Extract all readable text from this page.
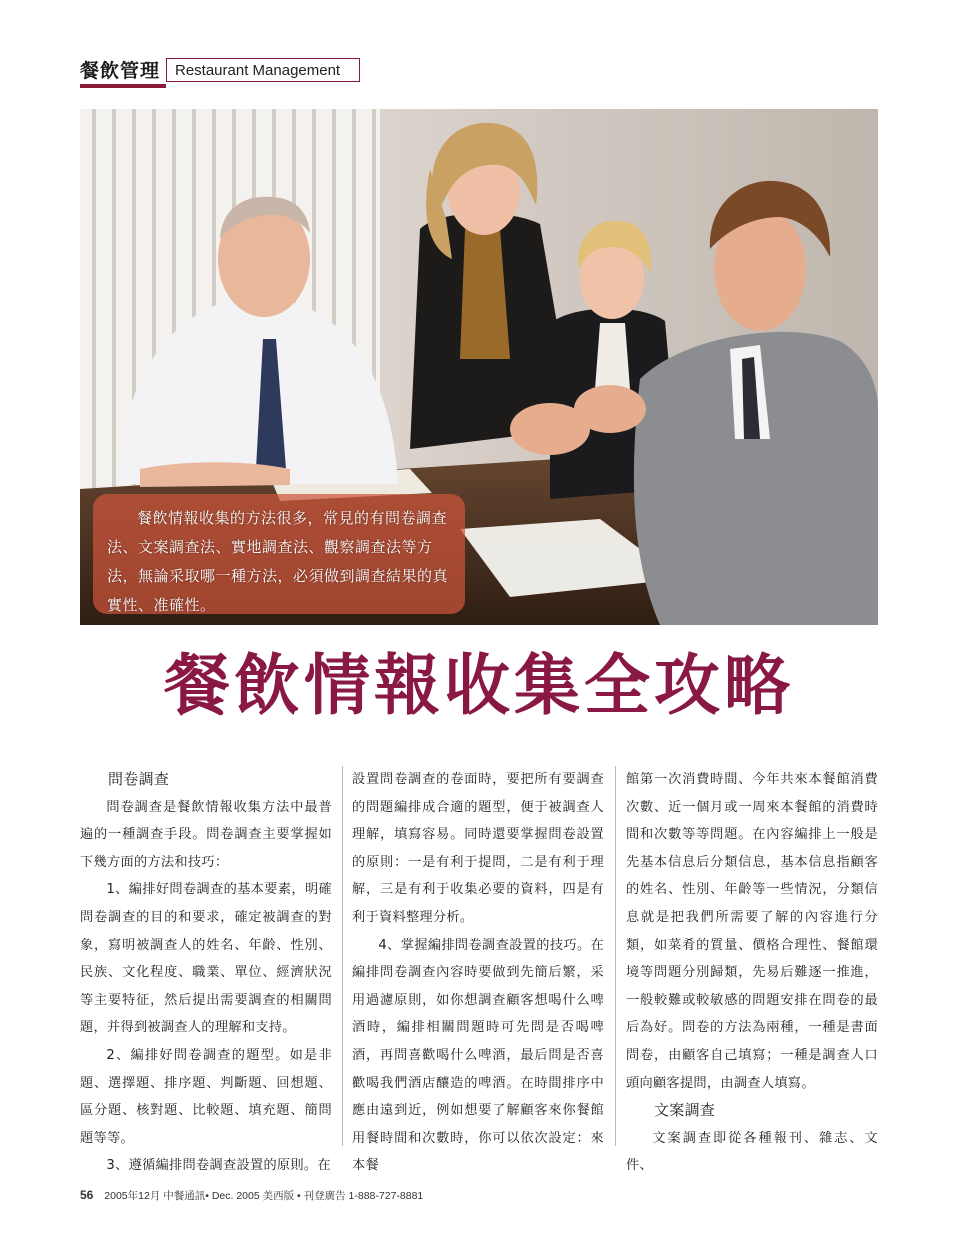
餐飲管理 Restaurant Management
餐飲情報收集的方法很多，常見的有問卷調查法、文案調查法、實地調查法、觀察調查法等方法，無論采取哪一種方法，必須做到調查結果的真實性、准確性。
餐飲情報收集全攻略

問卷調查

問卷調查是餐飲情報收集方法中最普遍的一種調查手段。問卷調查主要掌握如下幾方面的方法和技巧：

1、編排好問卷調查的基本要素，明確問卷調查的目的和要求，確定被調查的對象，寫明被調查人的姓名、年齡、性別、民族、文化程度、職業、單位、經濟狀況等主要特征，然后提出需要調查的相關問題，并得到被調查人的理解和支持。

2、編排好問卷調查的題型。如是非題、選擇題、排序題、判斷題、回想題、區分題、核對題、比較題、填充題、簡問題等等。

3、遵循編排問卷調查設置的原則。在

設置問卷調查的卷面時，要把所有要調查的問題編排成合適的題型，便于被調查人理解，填寫容易。同時還要掌握問卷設置的原則：一是有利于提問，二是有利于理解，三是有利于收集必要的資料，四是有利于資料整理分析。

4、掌握編排問卷調查設置的技巧。在編排問卷調查內容時要做到先簡后繁，采用過濾原則，如你想調查顧客想喝什么啤酒時，編排相關問題時可先問是否喝啤酒，再問喜歡喝什么啤酒，最后問是否喜歡喝我們酒店釀造的啤酒。在時間排序中應由遠到近，例如想要了解顧客來你餐館用餐時間和次數時，你可以依次設定：來本餐

館第一次消費時間、今年共來本餐館消費次數、近一個月或一周來本餐館的消費時間和次數等等問題。在內容編排上一般是先基本信息后分類信息，基本信息指顧客的姓名、性別、年齡等一些情況，分類信息就是把我們所需要了解的內容進行分類，如菜肴的質量、價格合理性、餐館環境等問題分別歸類，先易后難逐一推進，一般較難或較敏感的問題安排在問卷的最后為好。問卷的方法為兩種，一種是書面問卷，由顧客自己填寫；一種是調查人口頭向顧客提問，由調查人填寫。

文案調查

文案調查即從各種報刊、雜志、文件、

56 2005年12月 中餐通訊• Dec. 2005 美西版 • 刊登廣告 1-888-727-8881
